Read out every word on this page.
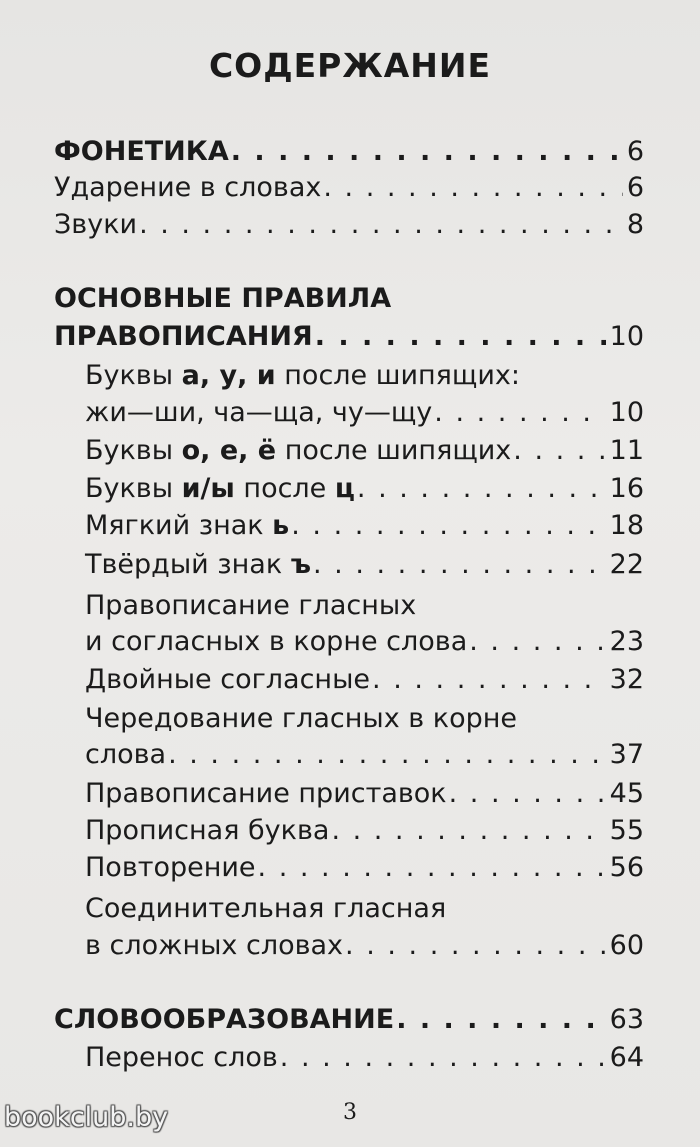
СОДЕРЖАНИЕ
ФОНЕТИКА . . .	6
Ударение в словах . . .	6
Звуки . . .	8
ОСНОВНЫЕ ПРАВИЛА
ПРАВОПИСАНИЯ . . .	10
Буквы а, у, и после шипящих:
жи—ши, ча—ща, чу—щу . . .	10
Буквы о, е, ё после шипящих . . .	11
Буквы и/ы после ц . . .	16
Мягкий знак ь . . .	18
Твёрдый знак ъ . . .	22
Правописание гласных
и согласных в корне слова . . .	23
Двойные согласные . . .	32
Чередование гласных в корне
слова . . .	37
Правописание приставок . . .	45
Прописная буква . . .	55
Повторение . . .	56
Соединительная гласная
в сложных словах . . .	60
СЛОВООБРАЗОВАНИЕ . . .	63
Перенос слов . . .	64
3
bookclub.by
